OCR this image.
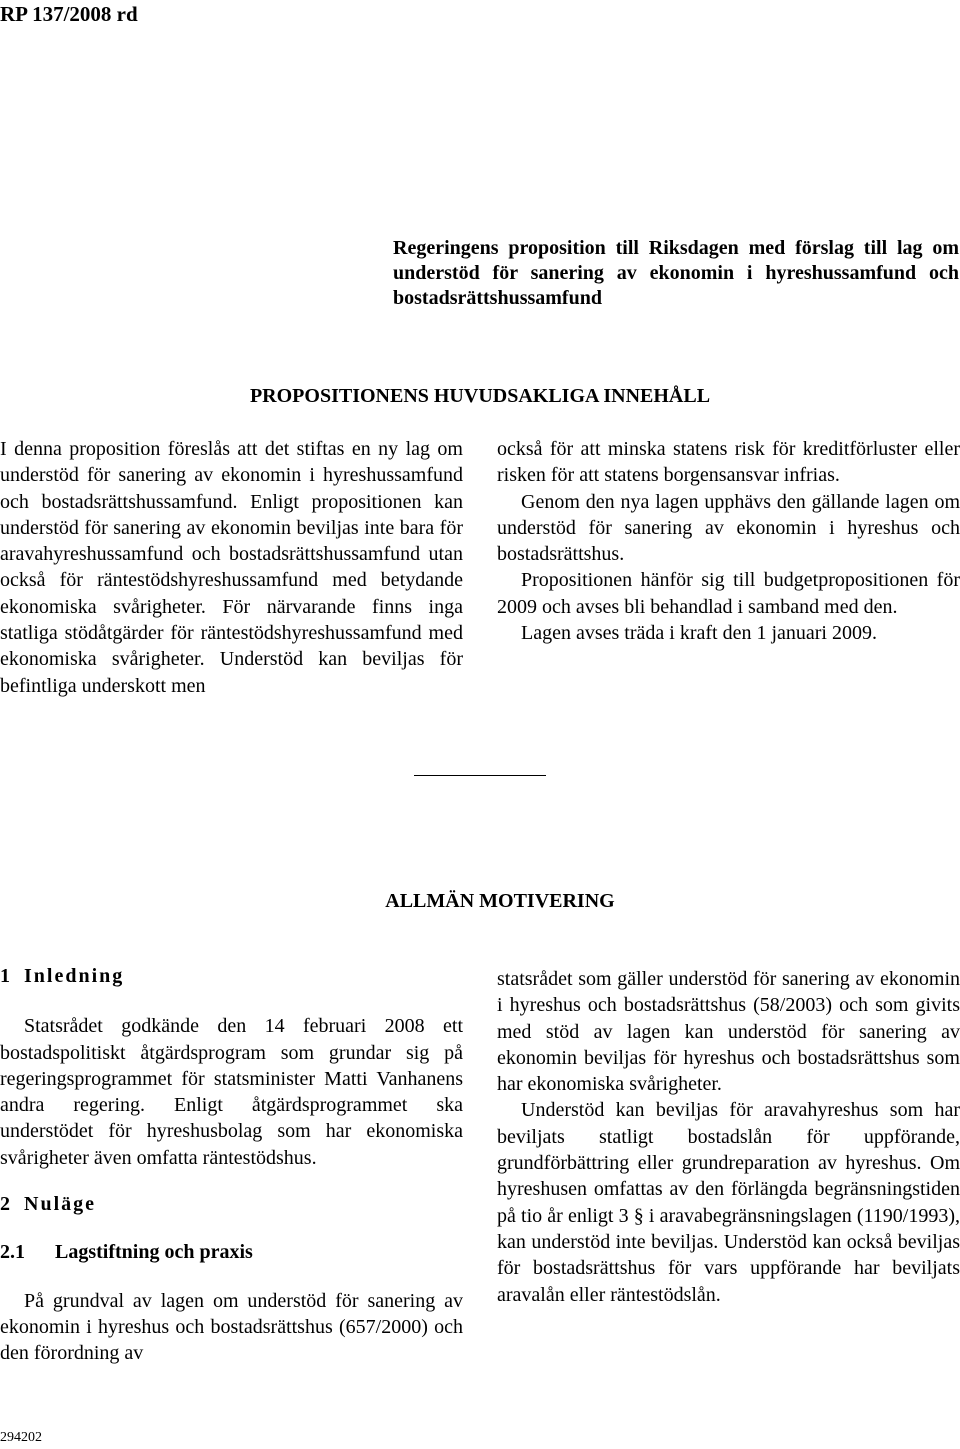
RP 137/2008 rd
Regeringens proposition till Riksdagen med förslag till lag om understöd för sanering av ekonomin i hyreshussamfund och bostadsrättshussamfund
PROPOSITIONENS HUVUDSAKLIGA INNEHÅLL

I denna proposition föreslås att det stiftas en ny lag om understöd för sanering av ekonomin i hyreshussamfund och bostadsrättshussamfund. Enligt propositionen kan understöd för sanering av ekonomin beviljas inte bara för aravahyreshussamfund och bostadsrättshussamfund utan också för räntestödshyreshussamfund med betydande ekonomiska svårigheter. För närvarande finns inga statliga stödåtgärder för räntestödshyreshussamfund med ekonomiska svårigheter. Understöd kan beviljas för befintliga underskott men

också för att minska statens risk för kreditförluster eller risken för att statens borgensansvar infrias.

Genom den nya lagen upphävs den gällande lagen om understöd för sanering av ekonomin i hyreshus och bostadsrättshus.

Propositionen hänför sig till budgetpropositionen för 2009 och avses bli behandlad i samband med den.

Lagen avses träda i kraft den 1 januari 2009.

ALLMÄN MOTIVERING
1 Inledning

Statsrådet godkände den 14 februari 2008 ett bostadspolitiskt åtgärdsprogram som grundar sig på regeringsprogrammet för statsminister Matti Vanhanens andra regering. Enligt åtgärdsprogrammet ska understödet för hyreshusbolag som har ekonomiska svårigheter även omfatta räntestödshus.

2 Nuläge
2.1 Lagstiftning och praxis

På grundval av lagen om understöd för sanering av ekonomin i hyreshus och bostadsrättshus (657/2000) och den förordning av

statsrådet som gäller understöd för sanering av ekonomin i hyreshus och bostadsrättshus (58/2003) och som givits med stöd av lagen kan understöd för sanering av ekonomin beviljas för hyreshus och bostadsrättshus som har ekonomiska svårigheter.

Understöd kan beviljas för aravahyreshus som har beviljats statligt bostadslån för uppförande, grundförbättring eller grundreparation av hyreshus. Om hyreshusen omfattas av den förlängda begränsningstiden på tio år enligt 3 § i aravabegränsningslagen (1190/1993), kan understöd inte beviljas. Understöd kan också beviljas för bostadsrättshus för vars uppförande har beviljats aravalån eller räntestödslån.

294202
